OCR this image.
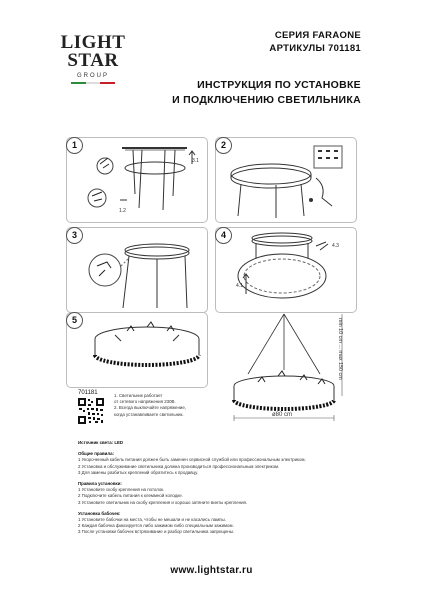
LIGHT
STAR
GROUP
СЕРИЯ FARAONE
АРТИКУЛЫ 701181
ИНСТРУКЦИЯ ПО УСТАНОВКЕ
И ПОДКЛЮЧЕНИЮ СВЕТИЛЬНИКА
1
3.1
1.2
2
3	4
4.3
4.1
5	min 10 cm ... max 150 cm
ø80 cm
701181	1. Светильник работает
от сетевого напряжения 230В.
2. Всегда выключайте напряжение,
когда устанавливаете светильник.
Источник света: LED
Общие правила:
1 Укороченный кабель питания должен быть заменен сервисной службой или профессиональным электриком.
2 Установка и обслуживание светильника должна производиться профессиональным электриком.
3 Для замены разбитых креплений обратитесь к продавцу.
Правила установки:
1 Установите скобу крепления на потолок.
2 Подключите кабель питания к клеммной колодке.
3 Установите светильник на скобу крепления и хорошо затяните винты крепления.
Установка бабочек:
1 Установите бабочки на места, чтобы не мешали и не касались лампы.
2 Каждая бабочка фиксируется либо зажимом либо специальным зажимом.
3 После установки бабочек встряхивание и разбор светильника запрещены.
www.lightstar.ru
